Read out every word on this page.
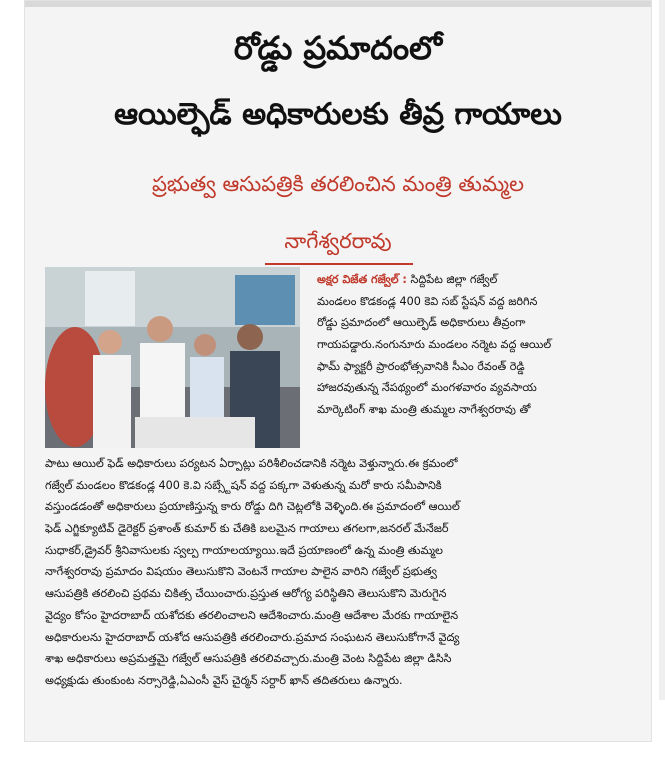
రోడ్డు ప్రమాదంలో
ఆయిల్ఫెడ్ అధికారులకు తీవ్ర గాయాలు
ప్రభుత్వ ఆసుపత్రికి తరలించిన మంత్రి తుమ్మల
నాగేశ్వరరావు
అక్షర విజేత గజ్వేల్ : సిద్దిపేట జిల్లా గజ్వేల్
మండలం కొడకండ్ల 400 కెవి సబ్ స్టేషన్ వద్ద జరిగిన
రోడ్డు ప్రమాదంలో ఆయిల్ఫెడ్ అధికారులు తీవ్రంగా
గాయపడ్డారు.నంగునూరు మండలం నర్మెట వద్ద ఆయిల్
ఫామ్ ఫ్యాక్టరీ ప్రారంభోత్సవానికి సీఎం రేవంత్ రెడ్డి
హాజరవుతున్న నేపథ్యంలో మంగళవారం వ్యవసాయ
మార్కెటింగ్ శాఖ మంత్రి తుమ్మల నాగేశ్వరరావు తో
పాటు ఆయిల్ ఫెడ్ అధికారులు పర్యటన ఏర్పాట్లు పరిశీలించడానికి నర్మెట వెళ్తున్నారు.ఈ క్రమంలో
గజ్వేల్ మండలం కొడకండ్ల 400 కె.వి సబ్స్టేషన్ వద్ద పక్కగా వెళుతున్న మరో కారు సమీపానికి
వస్తుండడంతో అధికారులు ప్రయాణిస్తున్న కారు రోడ్డు దిగి చెట్లలోకి వెళ్ళింది.ఈ ప్రమాదంలో ఆయిల్
ఫెడ్ ఎగ్జిక్యూటివ్ డైరెక్టర్ ప్రశాంత్ కుమార్ కు చేతికి బలమైన గాయాలు తగలగా,జనరల్ మేనేజర్
సుధాకర్,డ్రైవర్ శ్రీనివాసులకు స్వల్ప గాయాలయ్యాయి.ఇదే ప్రయాణంలో ఉన్న మంత్రి తుమ్మల
నాగేశ్వరరావు ప్రమాదం విషయం తెలుసుకొని వెంటనే గాయాల పాలైన వారిని గజ్వేల్ ప్రభుత్వ
ఆసుపత్రికి తరలించి ప్రథమ చికిత్స చేయించారు.ప్రస్తుత ఆరోగ్య పరిస్థితిని తెలుసుకొని మెరుగైన
వైద్యం కోసం హైదరాబాద్ యశోదకు తరలించాలని ఆదేశించారు.మంత్రి ఆదేశాల మేరకు గాయాలైన
అధికారులను హైదరాబాద్ యశోద ఆసుపత్రికి తరలించారు.ప్రమాద సంఘటన తెలుసుకోగానే వైద్య
శాఖ అధికారులు అప్రమత్తమై గజ్వేల్ ఆసుపత్రికి తరలివచ్చారు.మంత్రి వెంట సిద్దిపేట జిల్లా డిసిసి
అధ్యక్షుడు తుంకుంట నర్సారెడ్డి,ఏఎంసీ వైస్ చైర్మన్ సర్దార్ ఖాన్ తదితరులు ఉన్నారు.
